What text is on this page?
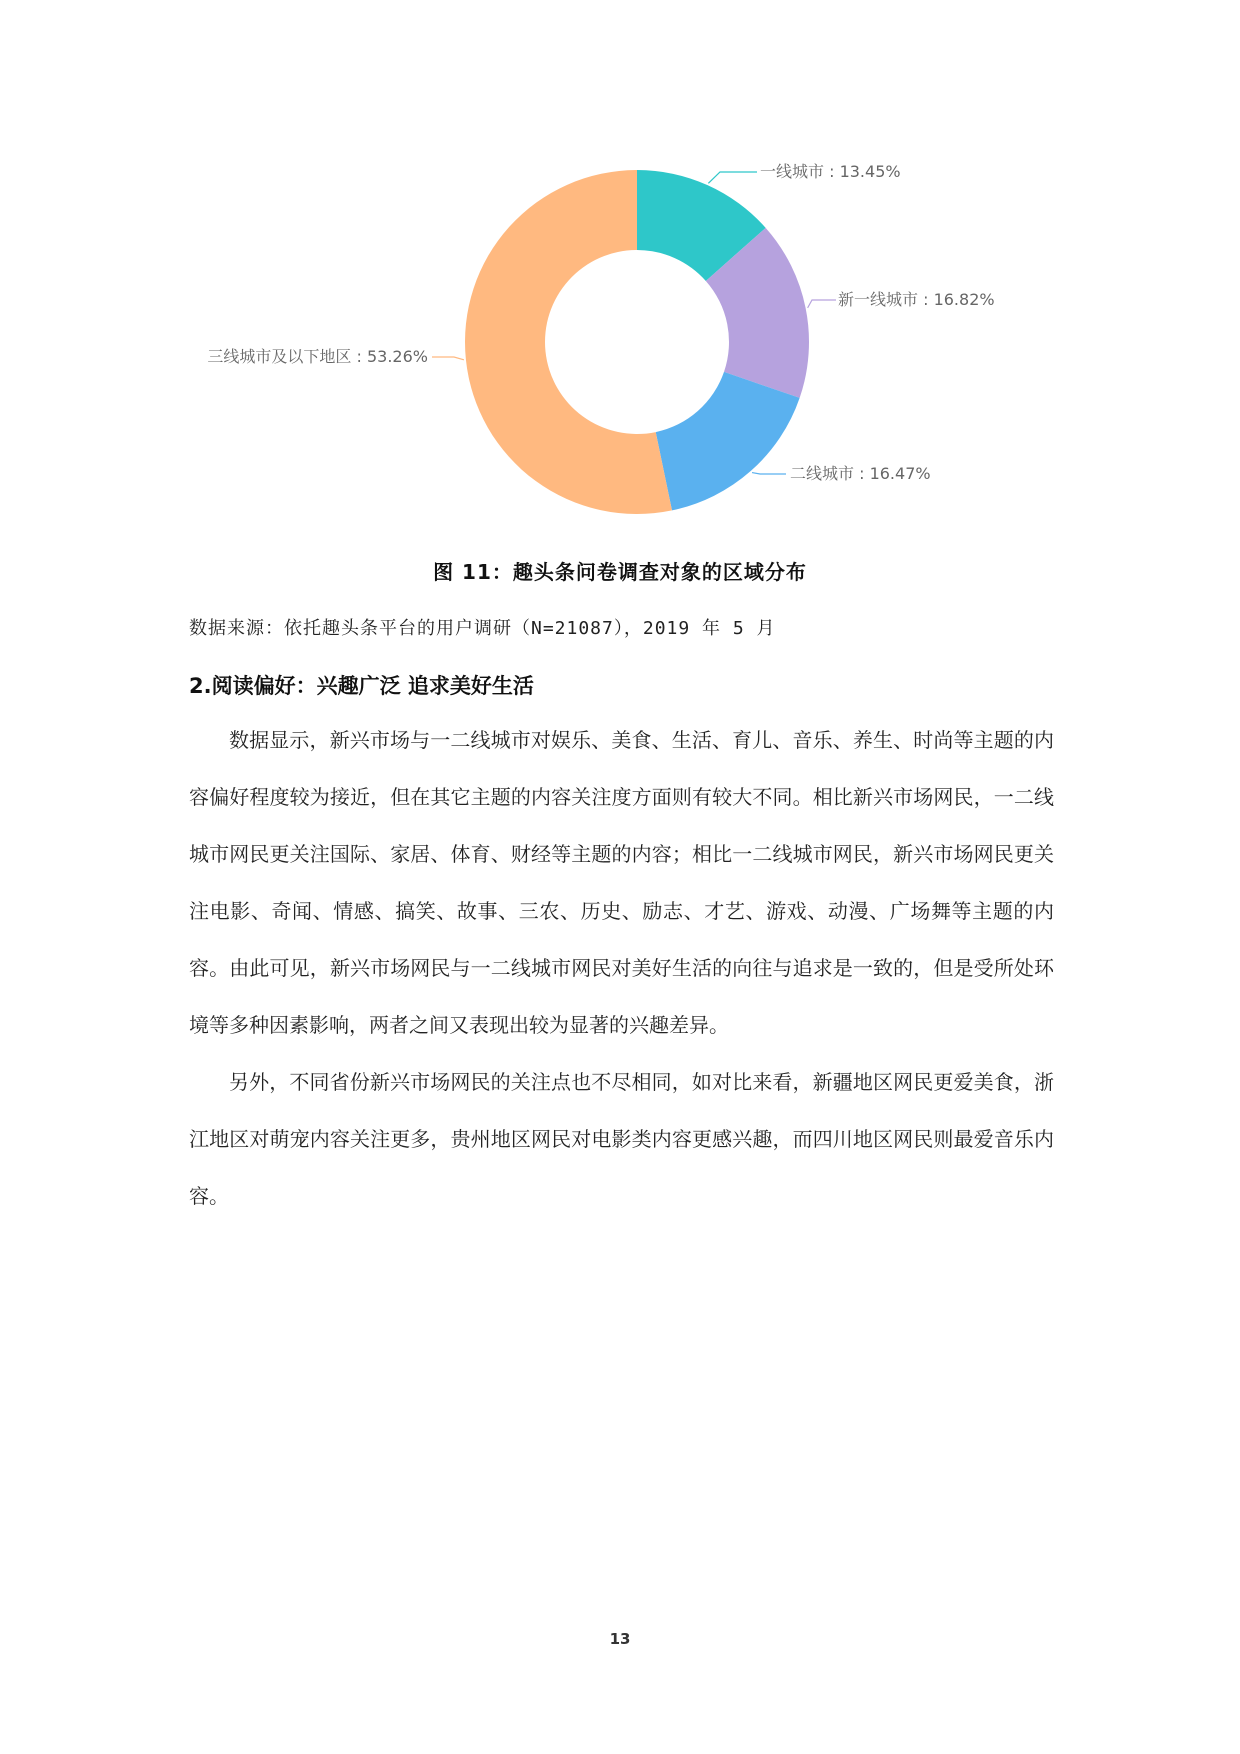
一线城市 : 13.45%
新一线城市 : 16.82%
二线城市 : 16.47%
三线城市及以下地区 : 53.26%
图 11：趣头条问卷调查对象的区域分布
数据来源：依托趣头条平台的用户调研（N=21087），2019 年 5 月
2.阅读偏好：兴趣广泛 追求美好生活

数据显示，新兴市场与一二线城市对娱乐、美食、生活、育儿、音乐、养生、时尚等主题的内容偏好程度较为接近，但在其它主题的内容关注度方面则有较大不同。相比新兴市场网民，一二线城市网民更关注国际、家居、体育、财经等主题的内容；相比一二线城市网民，新兴市场网民更关注电影、奇闻、情感、搞笑、故事、三农、历史、励志、才艺、游戏、动漫、广场舞等主题的内容。由此可见，新兴市场网民与一二线城市网民对美好生活的向往与追求是一致的，但是受所处环境等多种因素影响，两者之间又表现出较为显著的兴趣差异。

另外，不同省份新兴市场网民的关注点也不尽相同，如对比来看，新疆地区网民更爱美食，浙江地区对萌宠内容关注更多，贵州地区网民对电影类内容更感兴趣，而四川地区网民则最爱音乐内容。

13
